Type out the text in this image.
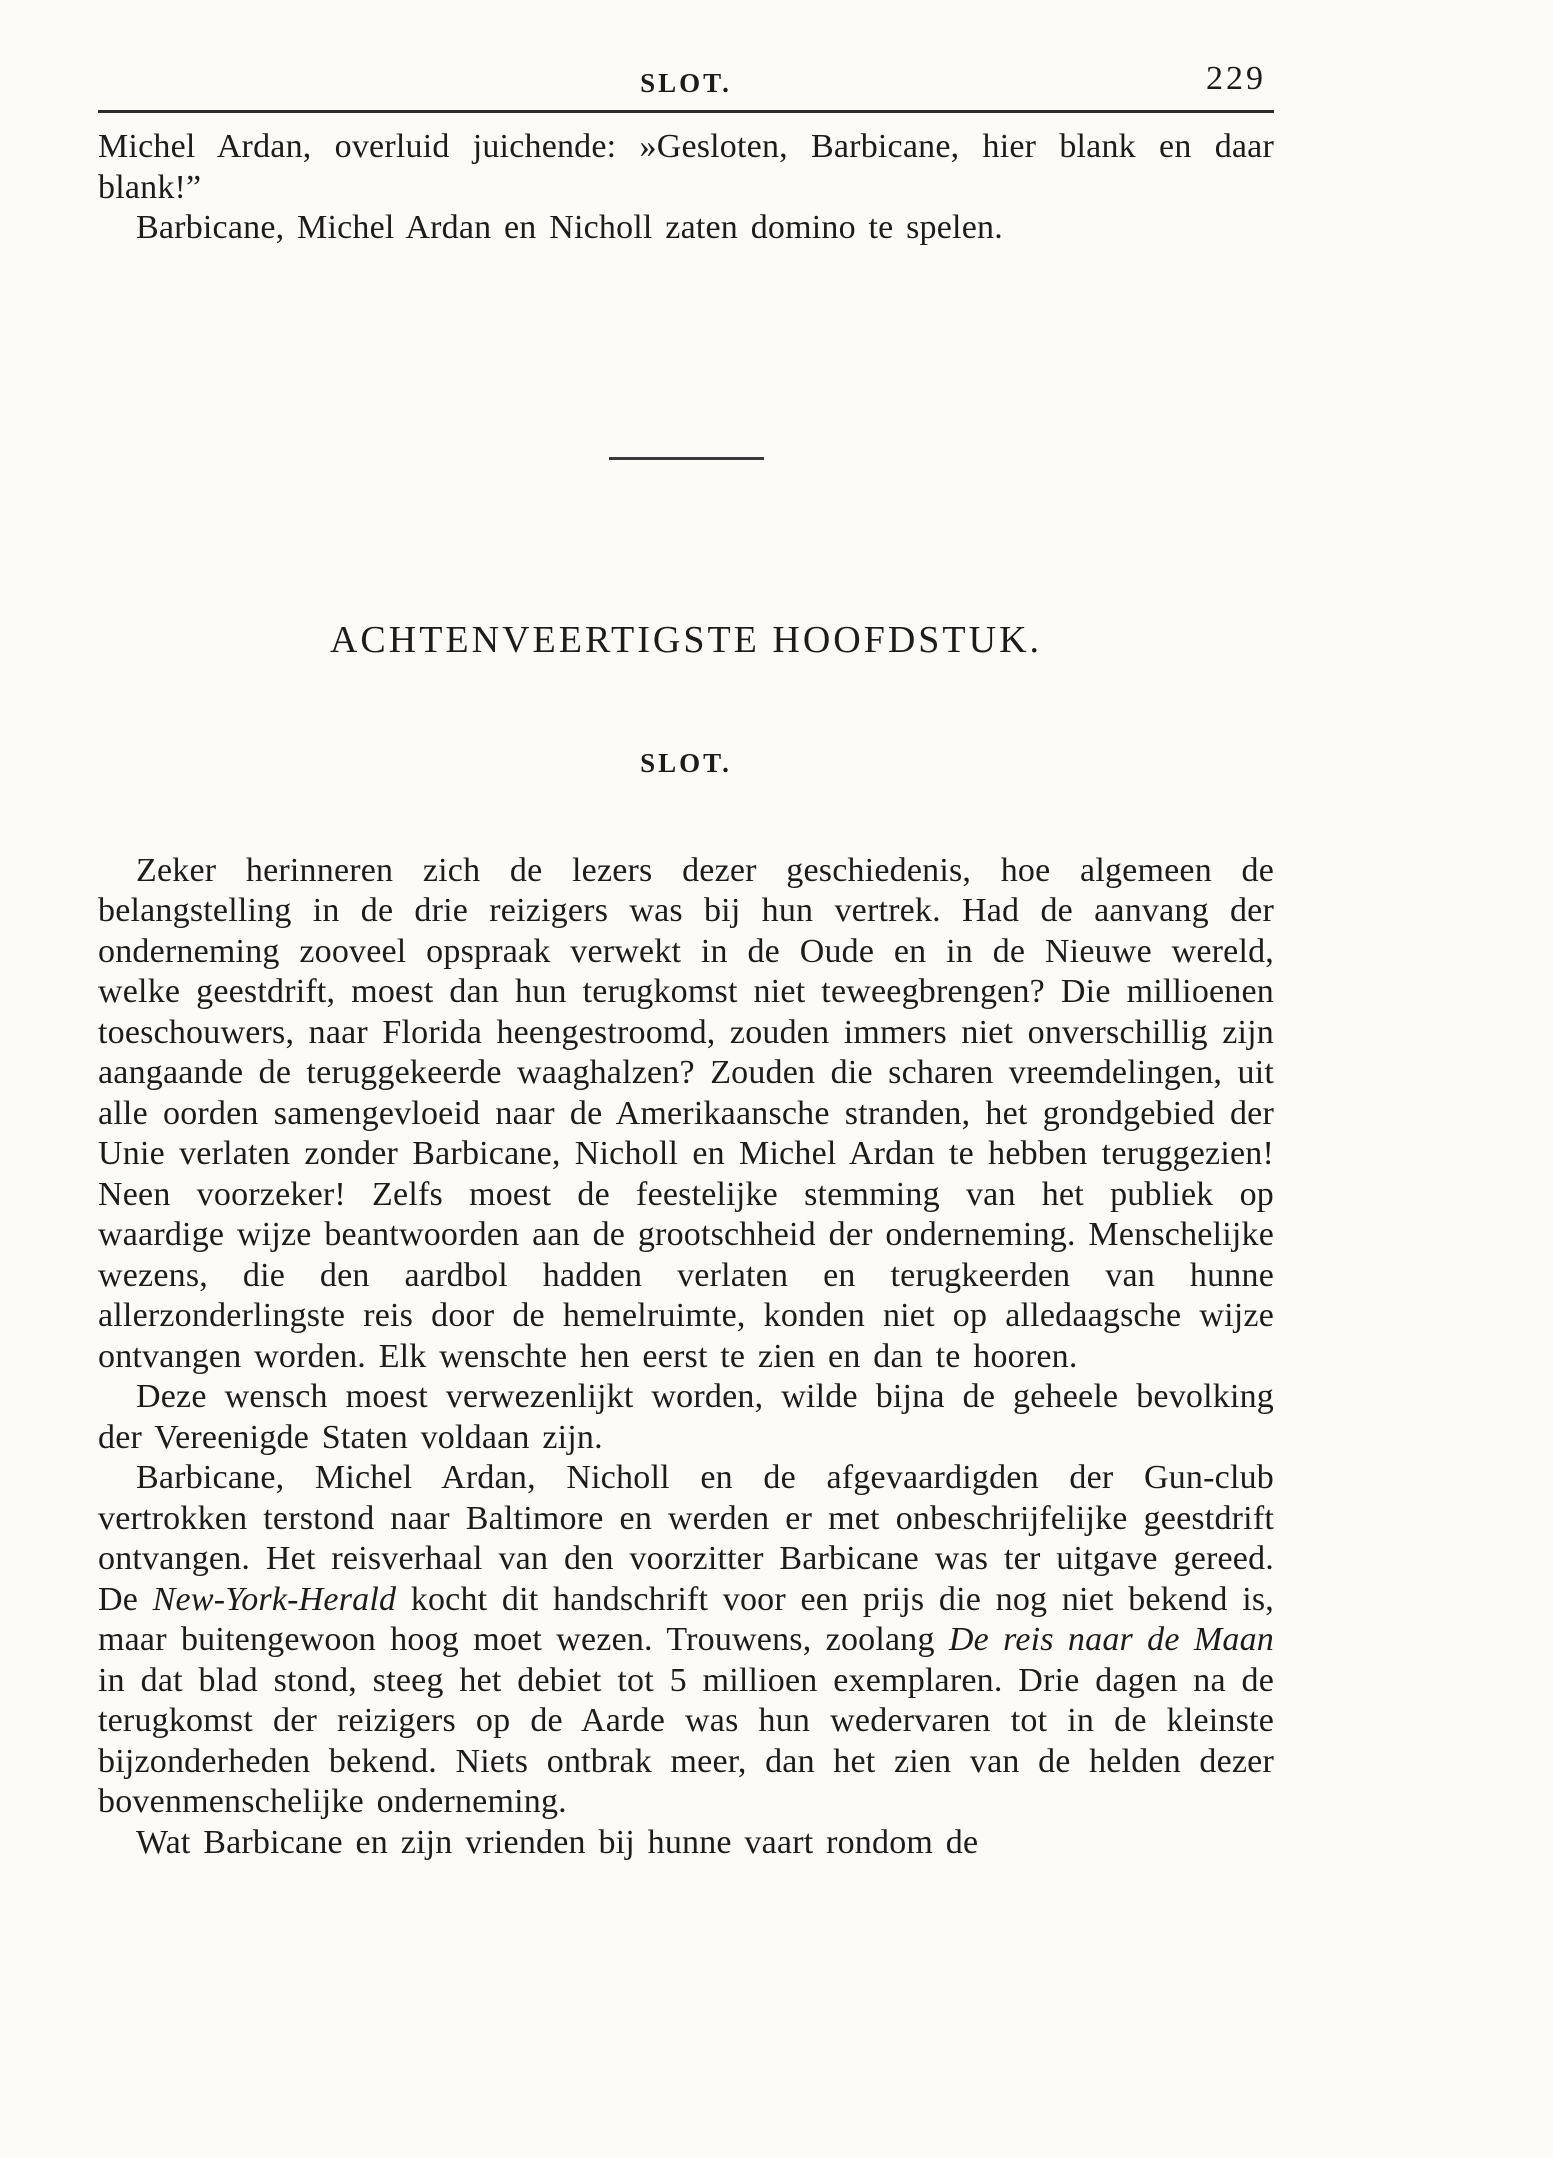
SLOT.	229

Michel Ardan, overluid juichende: »Gesloten, Barbicane, hier blank en daar blank!”

Barbicane, Michel Ardan en Nicholl zaten domino te spelen.

ACHTENVEERTIGSTE HOOFDSTUK.
SLOT.

Zeker herinneren zich de lezers dezer geschiedenis, hoe algemeen de belangstelling in de drie reizigers was bij hun vertrek. Had de aanvang der onderneming zooveel opspraak verwekt in de Oude en in de Nieuwe wereld, welke geestdrift, moest dan hun terugkomst niet teweegbrengen? Die millioenen toeschouwers, naar Florida heengestroomd, zouden immers niet onverschillig zijn aangaande de teruggekeerde waaghalzen? Zouden die scharen vreemdelingen, uit alle oorden samengevloeid naar de Amerikaansche stranden, het grondgebied der Unie verlaten zonder Barbicane, Nicholl en Michel Ardan te hebben teruggezien! Neen voorzeker! Zelfs moest de feestelijke stemming van het publiek op waardige wijze beantwoorden aan de grootschheid der onderneming. Menschelijke wezens, die den aardbol hadden verlaten en terugkeerden van hunne allerzonderlingste reis door de hemelruimte, konden niet op alledaagsche wijze ontvangen worden. Elk wenschte hen eerst te zien en dan te hooren.

Deze wensch moest verwezenlijkt worden, wilde bijna de geheele bevolking der Vereenigde Staten voldaan zijn.

Barbicane, Michel Ardan, Nicholl en de afgevaardigden der Gun-club vertrokken terstond naar Baltimore en werden er met onbeschrijfelijke geestdrift ontvangen. Het reisverhaal van den voorzitter Barbicane was ter uitgave gereed. De New-York-Herald kocht dit handschrift voor een prijs die nog niet bekend is, maar buitengewoon hoog moet wezen. Trouwens, zoolang De reis naar de Maan in dat blad stond, steeg het debiet tot 5 millioen exemplaren. Drie dagen na de terugkomst der reizigers op de Aarde was hun wedervaren tot in de kleinste bijzonderheden bekend. Niets ontbrak meer, dan het zien van de helden dezer bovenmenschelijke onderneming.

Wat Barbicane en zijn vrienden bij hunne vaart rondom de
